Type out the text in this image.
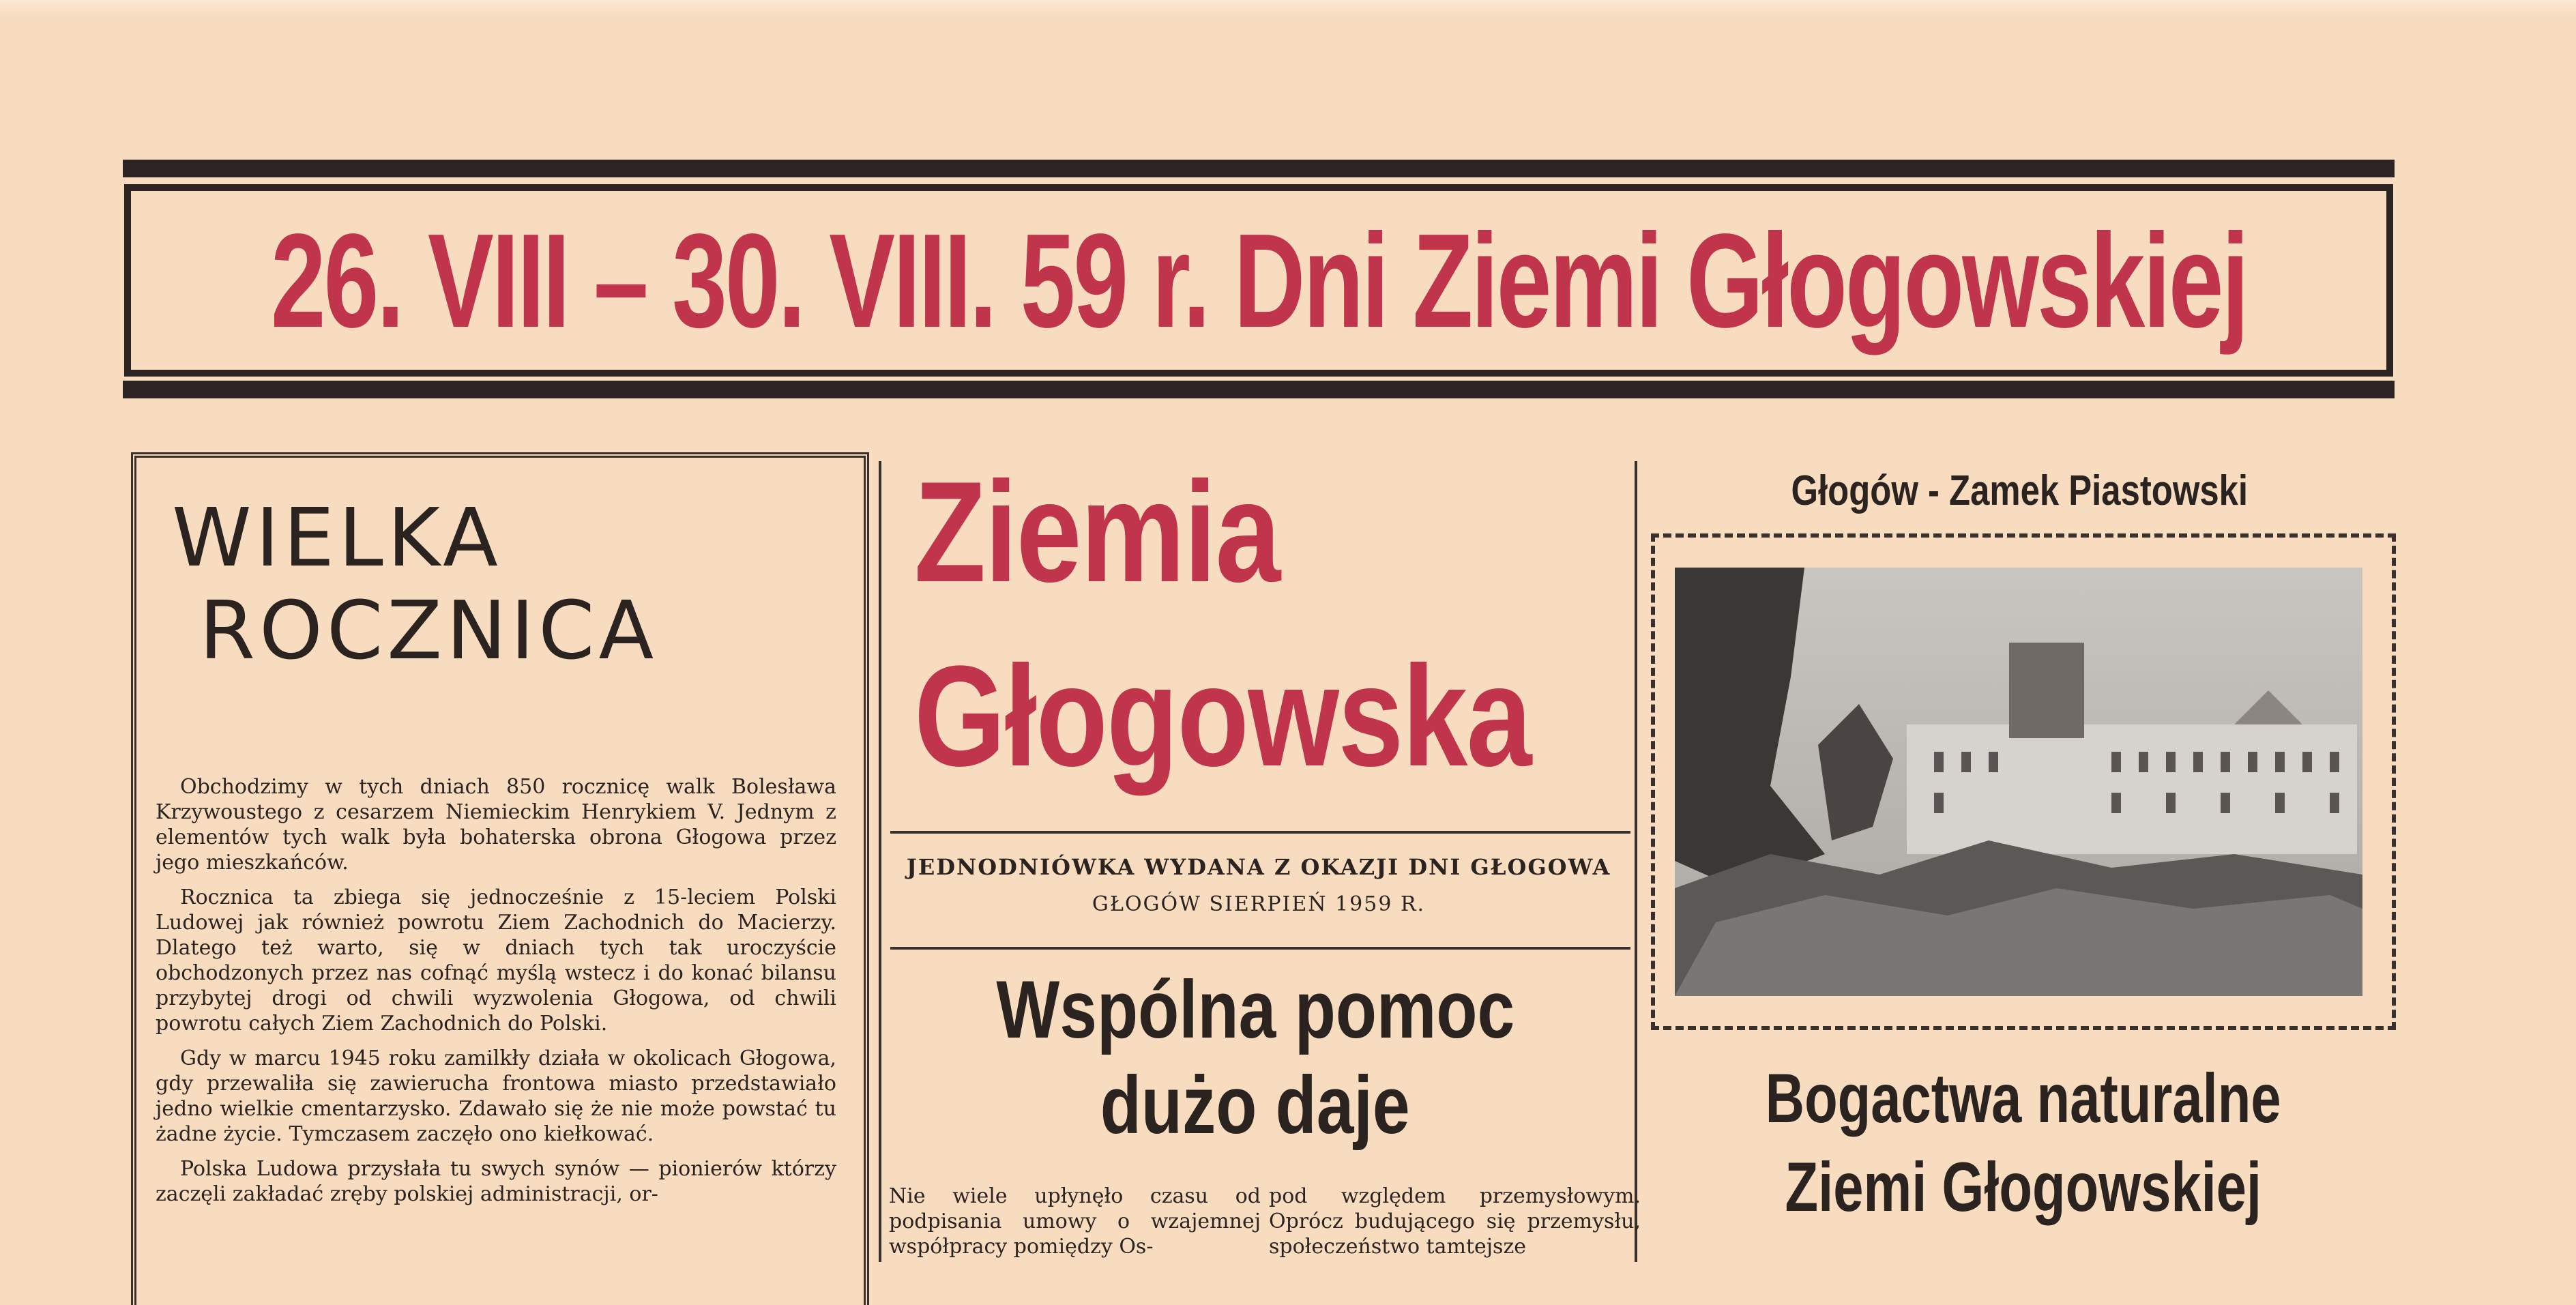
26. VIII – 30. VIII. 59 r. Dni Ziemi Głogowskiej
WIELKA
ROCZNICA

Obchodzimy w tych dniach 850 rocznicę walk Bolesława Krzywoustego z cesarzem Niemieckim Henrykiem V. Jednym z elementów tych walk była bohaterska obrona Głogowa przez jego mieszkańców.

Rocznica ta zbiega się jednocześnie z 15-leciem Polski Ludowej jak również powrotu Ziem Zachodnich do Macierzy. Dlatego też warto, się w dniach tych tak uroczyście obchodzonych przez nas cofnąć myślą wstecz i do konać bilansu przybytej drogi od chwili wyzwolenia Głogowa, od chwili powrotu całych Ziem Zachodnich do Polski.

Gdy w marcu 1945 roku zamilkły działa w okolicach Głogowa, gdy przewaliła się zawierucha frontowa miasto przedstawiało jedno wielkie cmentarzysko. Zdawało się że nie może powstać tu żadne życie. Tymczasem zaczęło ono kiełkować.

Polska Ludowa przysłała tu swych synów — pionierów którzy zaczęli zakładać zręby polskiej administracji, or-

Ziemia
Głogowska
JEDNODNIÓWKA WYDANA Z OKAZJI DNI GŁOGOWA
GŁOGÓW SIERPIEŃ 1959 R.
Wspólna pomoc
dużo daje
Nie wiele upłynęło czasu od podpisania umowy o wzajemnej współpracy pomiędzy Os-
pod względem przemysłowym. Oprócz budującego się przemysłu, społeczeństwo tamtejsze
Głogów - Zamek Piastowski
Bogactwa naturalne
Ziemi Głogowskiej
